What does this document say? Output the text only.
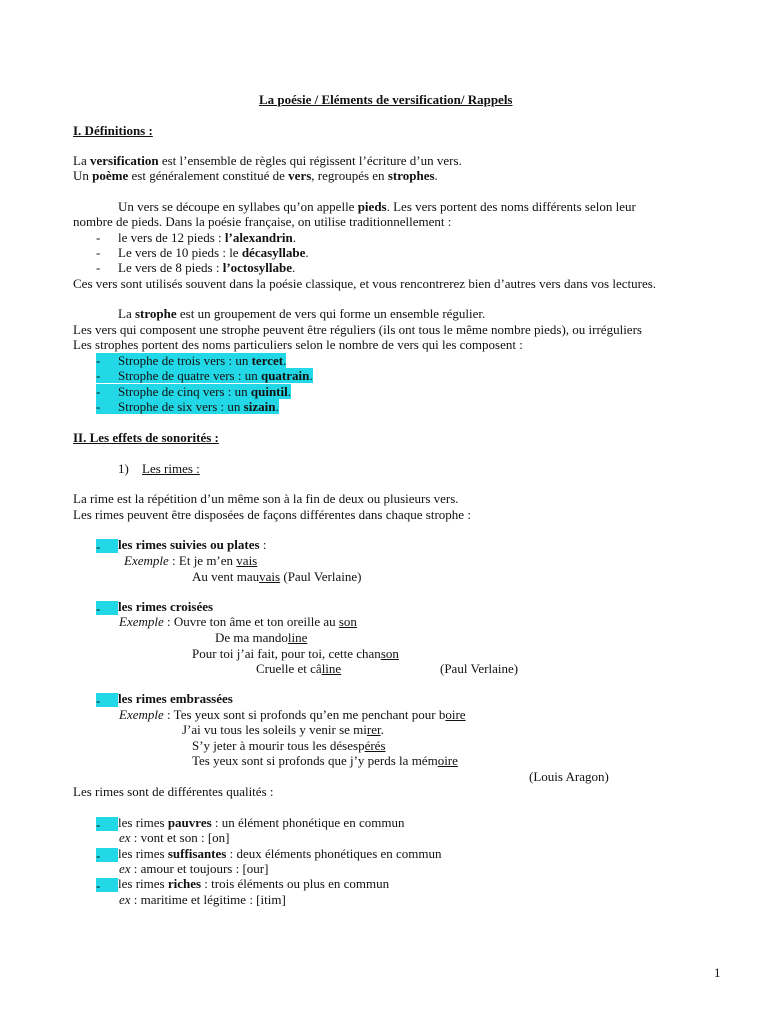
La poésie / Eléments de versification/ Rappels
I. Définitions :
La versification est l’ensemble de règles qui régissent l’écriture d’un vers.
Un poème est généralement constitué de vers, regroupés en strophes.
Un vers se découpe en syllabes qu’on appelle pieds. Les vers portent des noms différents selon leur
nombre de pieds. Dans la poésie française, on utilise traditionnellement :
- le vers de 12 pieds : l’alexandrin.
- Le vers de 10 pieds : le décasyllabe.
- Le vers de 8 pieds : l’octosyllabe.
Ces vers sont utilisés souvent dans la poésie classique, et vous rencontrerez bien d’autres vers dans vos lectures.
La strophe est un groupement de vers qui forme un ensemble régulier.
Les vers qui composent une strophe peuvent être réguliers (ils ont tous le même nombre pieds), ou irréguliers
Les strophes portent des noms particuliers selon le nombre de vers qui les composent :
- Strophe de trois vers : un tercet.
- Strophe de quatre vers : un quatrain.
- Strophe de cinq vers : un quintil.
- Strophe de six vers : un sizain.
II. Les effets de sonorités :
1) Les rimes :
La rime est la répétition d’un même son à la fin de deux ou plusieurs vers.
Les rimes peuvent être disposées de façons différentes dans chaque strophe :
- les rimes suivies ou plates :
Exemple : Et je m’en vais
Au vent mauvais (Paul Verlaine)
- les rimes croisées
Exemple : Ouvre ton âme et ton oreille au son
De ma mandoline
Pour toi j’ai fait, pour toi, cette chanson
Cruelle et câline	(Paul Verlaine)
- les rimes embrassées
Exemple : Tes yeux sont si profonds qu’en me penchant pour boire
J’ai vu tous les soleils y venir se mirer.
S’y jeter à mourir tous les désespérés
Tes yeux sont si profonds que j’y perds la mémoire
(Louis Aragon)
Les rimes sont de différentes qualités :
- les rimes pauvres : un élément phonétique en commun
ex : vont et son : [on]
- les rimes suffisantes : deux éléments phonétiques en commun
ex : amour et toujours : [our]
- les rimes riches : trois éléments ou plus en commun
ex : maritime et légitime : [itim]
1
